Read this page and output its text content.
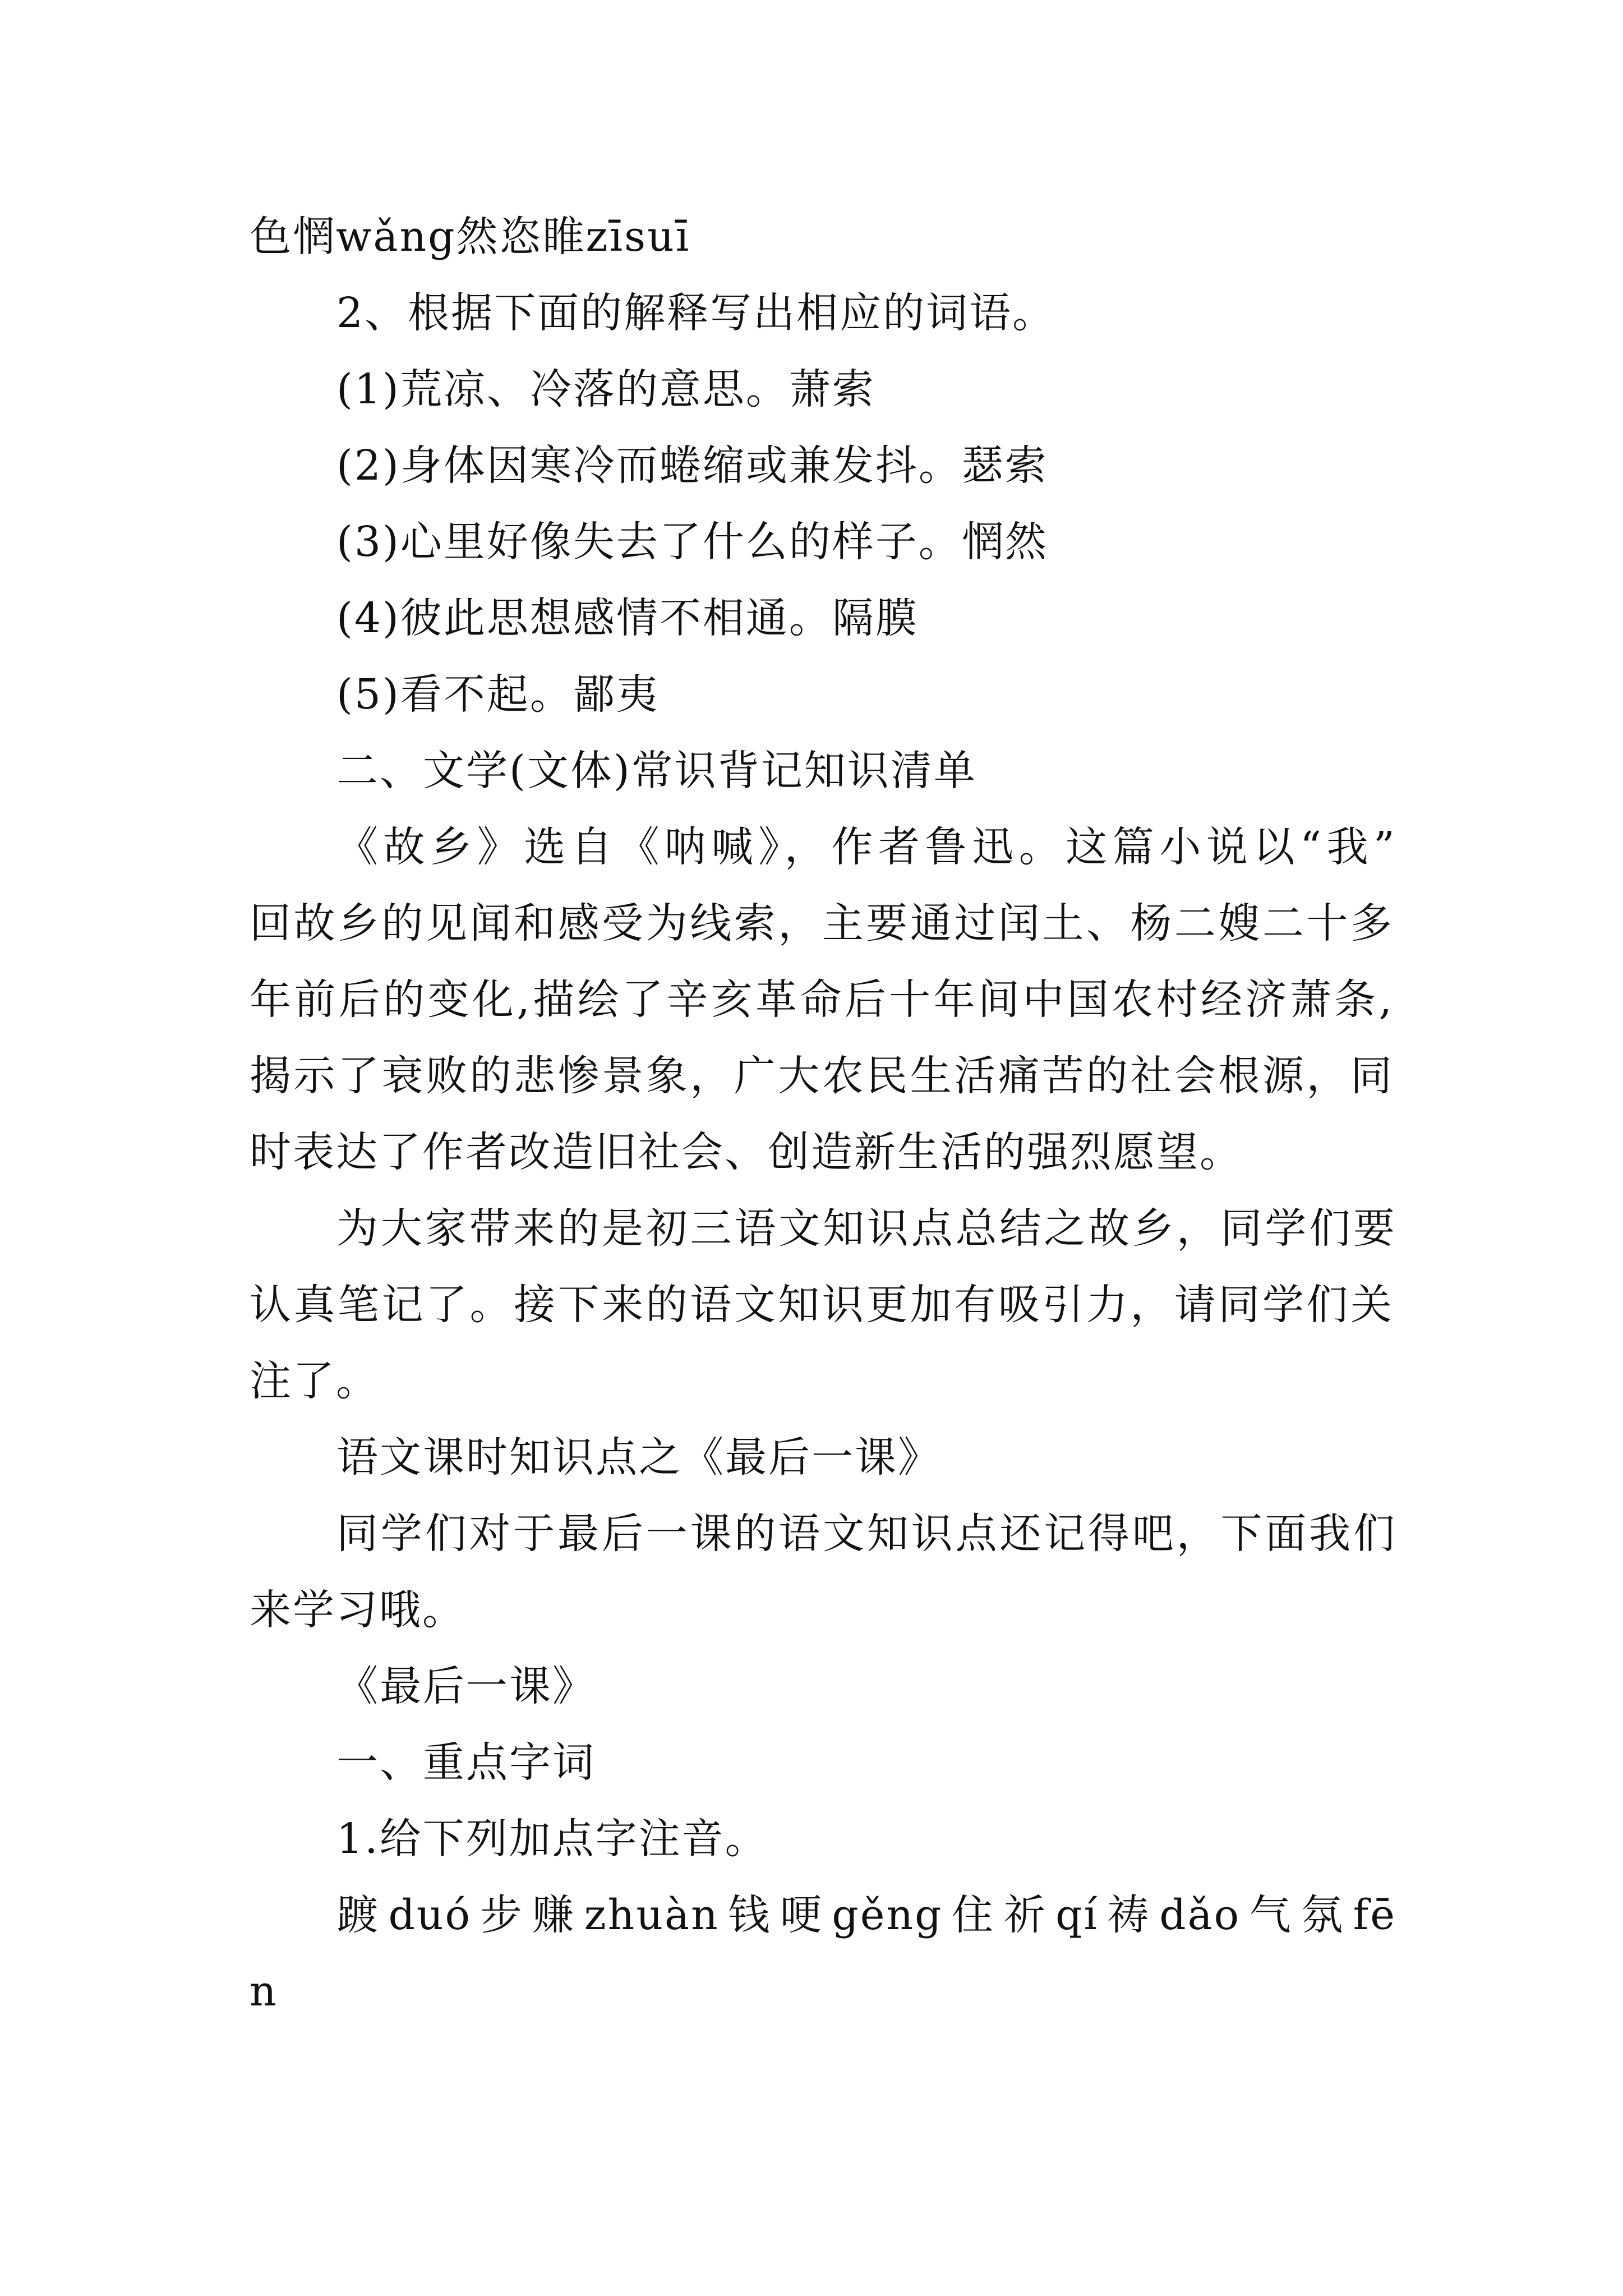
色惘wǎng然恣睢zīsuī
2、根据下面的解释写出相应的词语。
(1)荒凉、冷落的意思。萧索
(2)身体因寒冷而蜷缩或兼发抖。瑟索
(3)心里好像失去了什么的样子。惘然
(4)彼此思想感情不相通。隔膜
(5)看不起。鄙夷
二、文学(文体)常识背记知识清单
《故乡》选自《呐喊》，作者鲁迅。这篇小说以“我”
回故乡的见闻和感受为线索，主要通过闰土、杨二嫂二十多
年前后的变化,描绘了辛亥革命后十年间中国农村经济萧条,
揭示了衰败的悲惨景象，广大农民生活痛苦的社会根源，同
时表达了作者改造旧社会、创造新生活的强烈愿望。
为大家带来的是初三语文知识点总结之故乡，同学们要
认真笔记了。接下来的语文知识更加有吸引力，请同学们关
注了。
语文课时知识点之《最后一课》
同学们对于最后一课的语文知识点还记得吧，下面我们
来学习哦。
《最后一课》
一、重点字词
1.给下列加点字注音。
踱duó步赚zhuàn钱哽gěng住祈qí祷dǎo气氛fē
n
